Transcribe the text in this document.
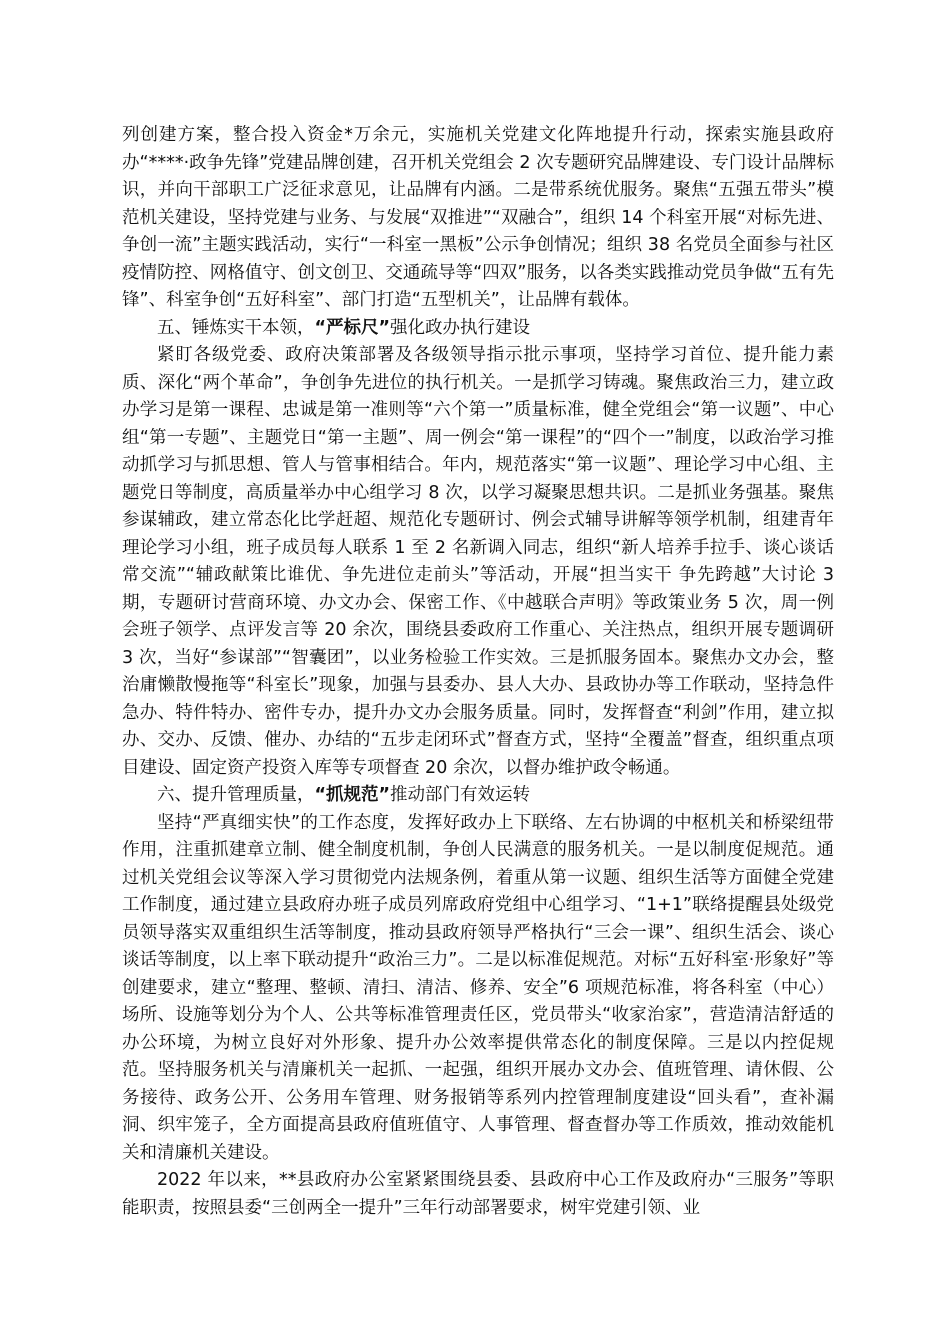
列创建方案，整合投入资金*万余元，实施机关党建文化阵地提升行动，探索实施县政府办“****·政争先锋”党建品牌创建，召开机关党组会 2 次专题研究品牌建设、专门设计品牌标识，并向干部职工广泛征求意见，让品牌有内涵。二是带系统优服务。聚焦“五强五带头”模范机关建设，坚持党建与业务、与发展“双推进”“双融合”，组织 14 个科室开展“对标先进、争创一流”主题实践活动，实行“一科室一黑板”公示争创情况；组织 38 名党员全面参与社区疫情防控、网格值守、创文创卫、交通疏导等“四双”服务，以各类实践推动党员争做“五有先锋”、科室争创“五好科室”、部门打造“五型机关”，让品牌有载体。

五、锤炼实干本领，“严标尺”强化政办执行建设

紧盯各级党委、政府决策部署及各级领导指示批示事项，坚持学习首位、提升能力素质、深化“两个革命”，争创争先进位的执行机关。一是抓学习铸魂。聚焦政治三力，建立政办学习是第一课程、忠诚是第一准则等“六个第一”质量标准，健全党组会“第一议题”、中心组“第一专题”、主题党日“第一主题”、周一例会“第一课程”的“四个一”制度，以政治学习推动抓学习与抓思想、管人与管事相结合。年内，规范落实“第一议题”、理论学习中心组、主题党日等制度，高质量举办中心组学习 8 次，以学习凝聚思想共识。二是抓业务强基。聚焦参谋辅政，建立常态化比学赶超、规范化专题研讨、例会式辅导讲解等领学机制，组建青年理论学习小组，班子成员每人联系 1 至 2 名新调入同志，组织“新人培养手拉手、谈心谈话常交流”“辅政献策比谁优、争先进位走前头”等活动，开展“担当实干 争先跨越”大讨论 3 期，专题研讨营商环境、办文办会、保密工作、《中越联合声明》等政策业务 5 次，周一例会班子领学、点评发言等 20 余次，围绕县委政府工作重心、关注热点，组织开展专题调研 3 次，当好“参谋部”“智囊团”，以业务检验工作实效。三是抓服务固本。聚焦办文办会，整治庸懒散慢拖等“科室长”现象，加强与县委办、县人大办、县政协办等工作联动，坚持急件急办、特件特办、密件专办，提升办文办会服务质量。同时，发挥督查“利剑”作用，建立拟办、交办、反馈、催办、办结的“五步走闭环式”督查方式，坚持“全覆盖”督查，组织重点项目建设、固定资产投资入库等专项督查 20 余次，以督办维护政令畅通。

六、提升管理质量，“抓规范”推动部门有效运转

坚持“严真细实快”的工作态度，发挥好政办上下联络、左右协调的中枢机关和桥梁纽带作用，注重抓建章立制、健全制度机制，争创人民满意的服务机关。一是以制度促规范。通过机关党组会议等深入学习贯彻党内法规条例，着重从第一议题、组织生活等方面健全党建工作制度，通过建立县政府办班子成员列席政府党组中心组学习、“1+1”联络提醒县处级党员领导落实双重组织生活等制度，推动县政府领导严格执行“三会一课”、组织生活会、谈心谈话等制度，以上率下联动提升“政治三力”。二是以标准促规范。对标“五好科室·形象好”等创建要求，建立“整理、整顿、清扫、清洁、修养、安全”6 项规范标准，将各科室（中心）场所、设施等划分为个人、公共等标准管理责任区，党员带头“收家治家”，营造清洁舒适的办公环境，为树立良好对外形象、提升办公效率提供常态化的制度保障。三是以内控促规范。坚持服务机关与清廉机关一起抓、一起强，组织开展办文办会、值班管理、请休假、公务接待、政务公开、公务用车管理、财务报销等系列内控管理制度建设“回头看”，查补漏洞、织牢笼子，全方面提高县政府值班值守、人事管理、督查督办等工作质效，推动效能机关和清廉机关建设。

2022 年以来，**县政府办公室紧紧围绕县委、县政府中心工作及政府办“三服务”等职能职责，按照县委“三创两全一提升”三年行动部署要求，树牢党建引领、业
